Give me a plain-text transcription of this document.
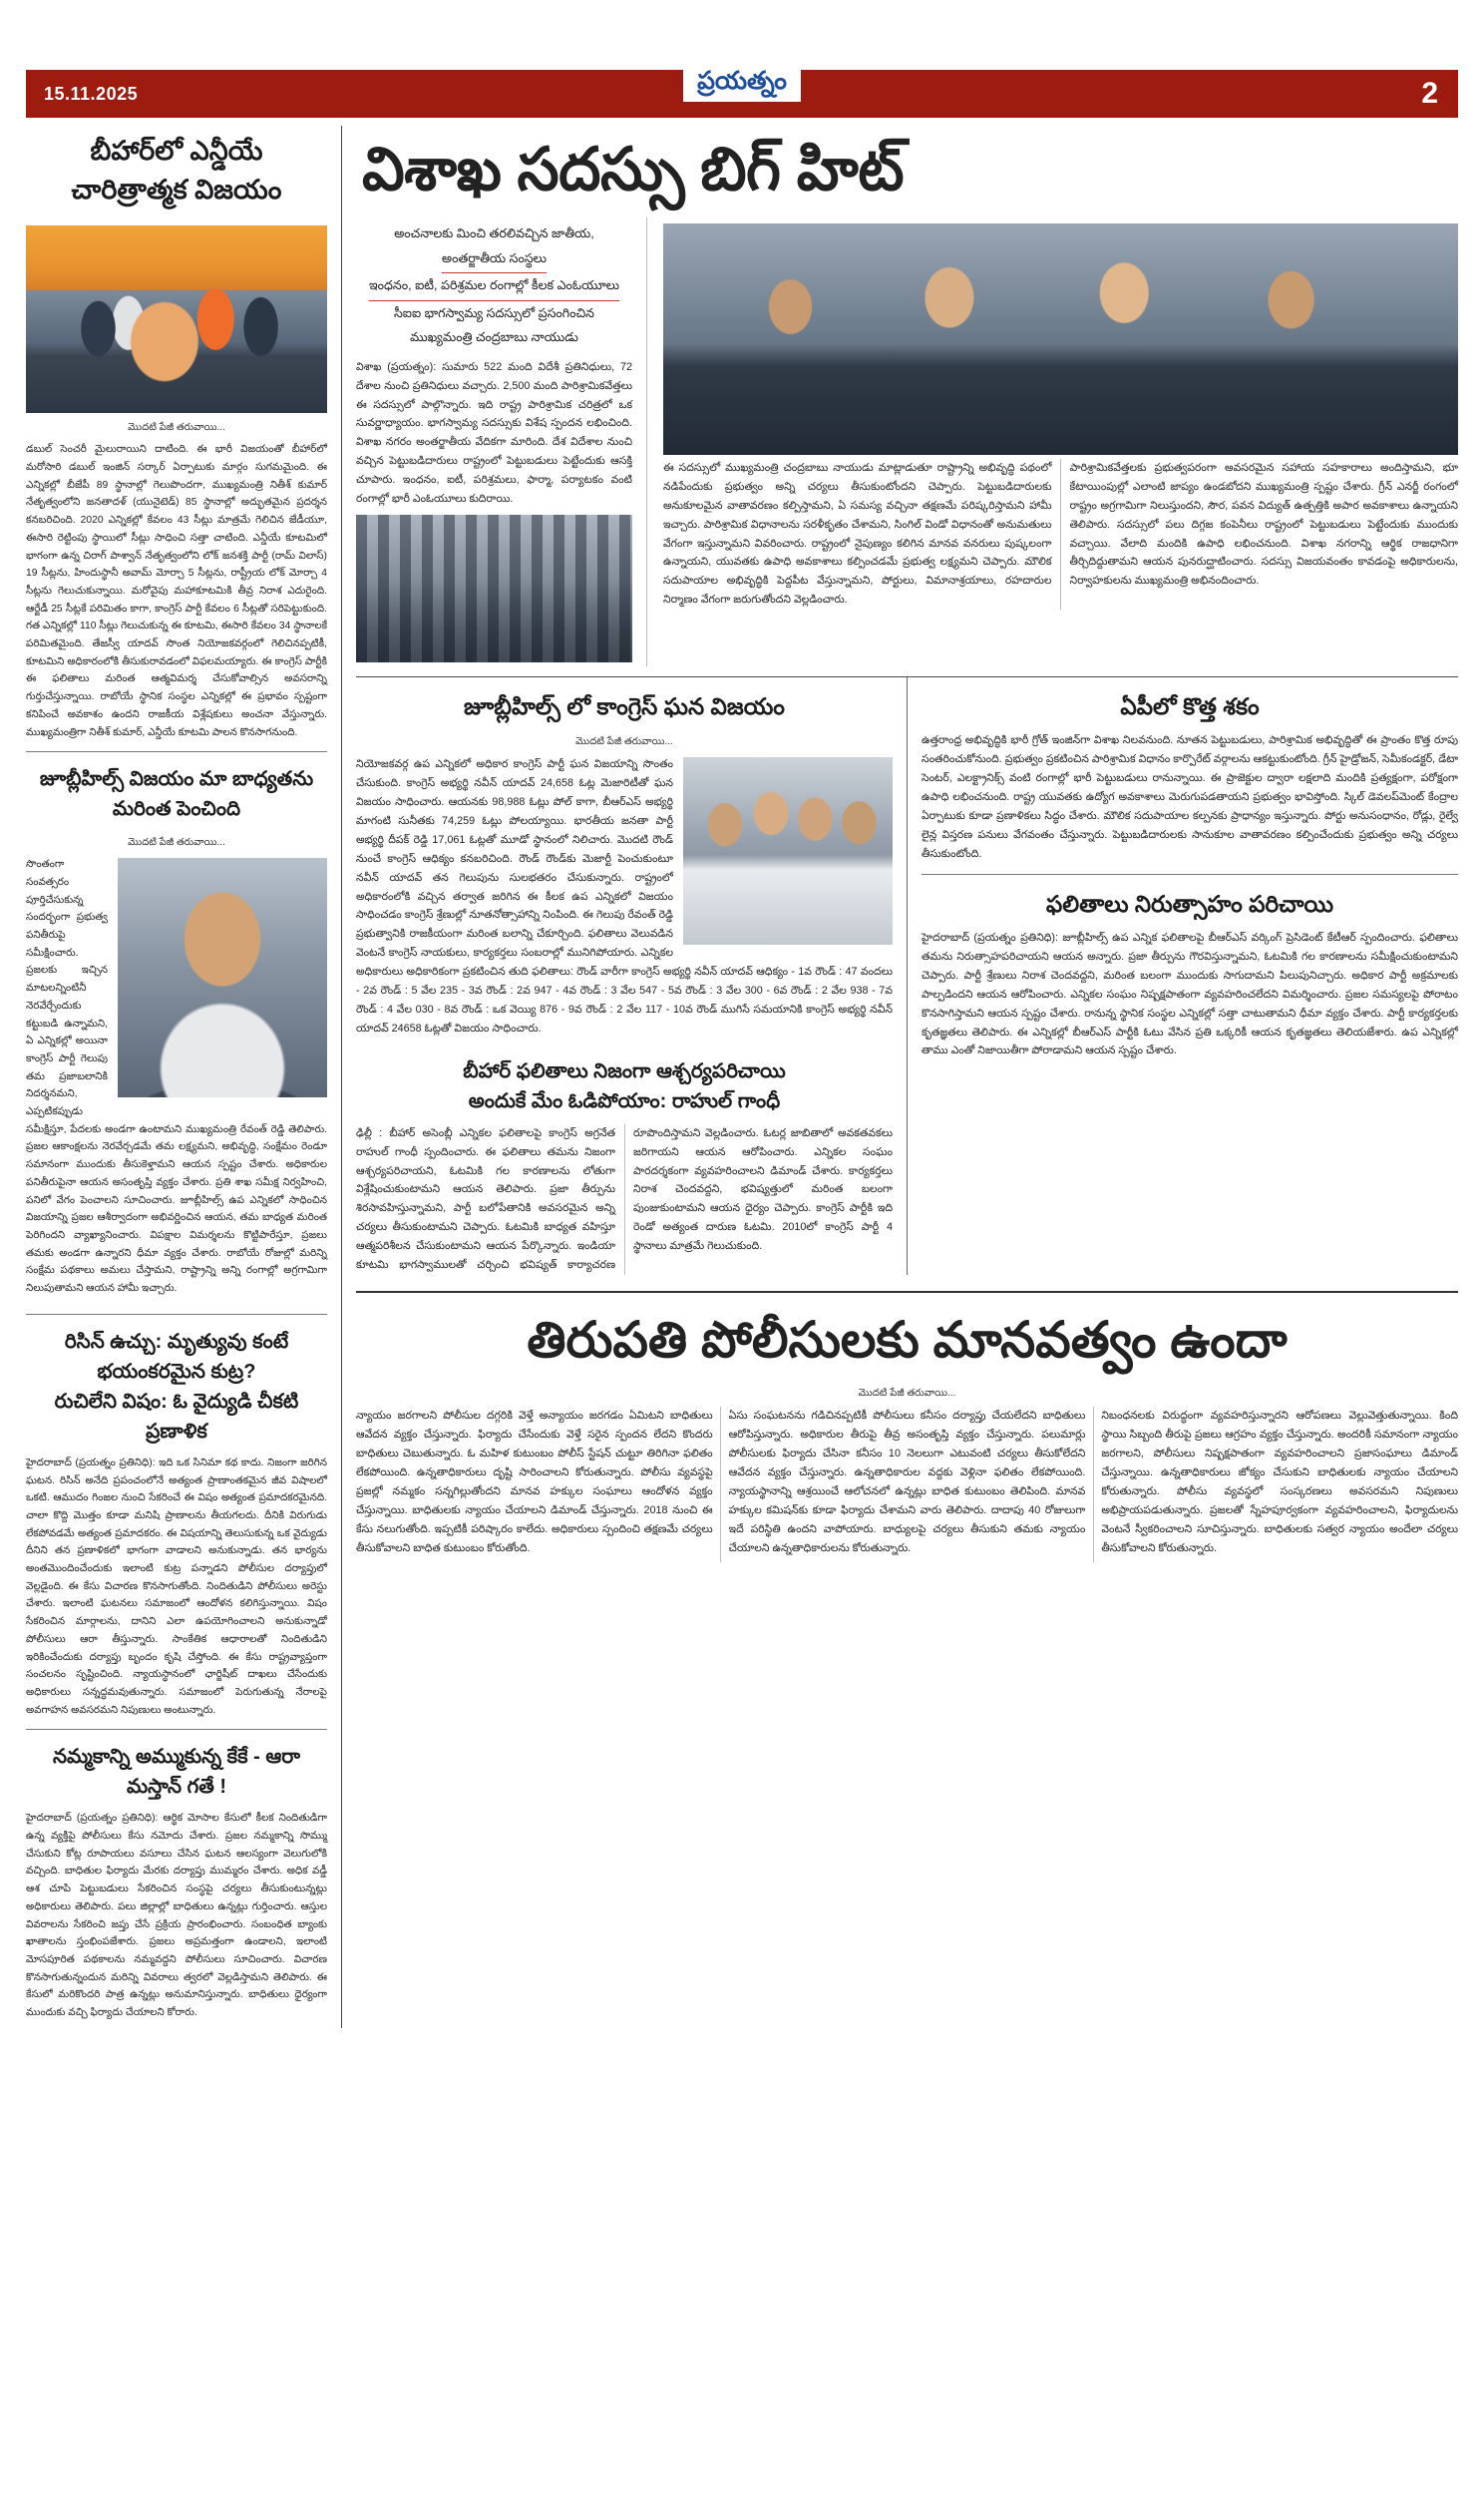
15.11.2025	ప్రయత్నం	2
బీహార్‌లో ఎన్డీయే
చారిత్రాత్మక విజయం
మొదటి పేజీ తరువాయి...
డబుల్ సెంచరీ మైలురాయిని దాటింది. ఈ భారీ విజయంతో బీహార్‌లో మరోసారి డబుల్ ఇంజిన్ సర్కార్ ఏర్పాటుకు మార్గం సుగమమైంది. ఈ ఎన్నికల్లో బీజేపీ 89 స్థానాల్లో గెలుపొందగా, ముఖ్యమంత్రి నితీశ్ కుమార్ నేతృత్వంలోని జనతాదళ్ (యునైటెడ్) 85 స్థానాల్లో అద్భుతమైన ప్రదర్శన కనబరిచింది. 2020 ఎన్నికల్లో కేవలం 43 సీట్లు మాత్రమే గెలిచిన జేడీయూ, ఈసారి రెట్టింపు స్థాయిలో సీట్లు సాధించి సత్తా చాటింది. ఎన్డీయే కూటమిలో భాగంగా ఉన్న చిరాగ్ పాశ్వాన్ నేతృత్వంలోని లోక్ జనశక్తి పార్టీ (రామ్ విలాస్) 19 సీట్లను, హిందుస్థానీ అవామ్ మోర్చా 5 సీట్లను, రాష్ట్రీయ లోక్ మోర్చా 4 సీట్లను గెలుచుకున్నాయి. మరోవైపు మహాకూటమికి తీవ్ర నిరాశ ఎదురైంది. ఆర్జేడీ 25 సీట్లకే పరిమితం కాగా, కాంగ్రెస్ పార్టీ కేవలం 6 సీట్లతో సరిపెట్టుకుంది. గత ఎన్నికల్లో 110 సీట్లు గెలుచుకున్న ఈ కూటమి, ఈసారి కేవలం 34 స్థానాలకే పరిమితమైంది. తేజస్వీ యాదవ్ సొంత నియోజకవర్గంలో గెలిచినప్పటికీ, కూటమిని అధికారంలోకి తీసుకురావడంలో విఫలమయ్యారు. ఈ కాంగ్రెస్ పార్టీకి ఈ ఫలితాలు మరింత ఆత్మవిమర్శ చేసుకోవాల్సిన అవసరాన్ని గుర్తుచేస్తున్నాయి. రాబోయే స్థానిక సంస్థల ఎన్నికల్లో ఈ ప్రభావం స్పష్టంగా కనిపించే అవకాశం ఉందని రాజకీయ విశ్లేషకులు అంచనా వేస్తున్నారు. ముఖ్యమంత్రిగా నితీశ్ కుమార్, ఎన్డీయే కూటమి పాలన కొనసాగనుంది.
జూబ్లీహిల్స్ విజయం మా బాధ్యతను మరింత పెంచింది
మొదటి పేజీ తరువాయి...
సొంతంగా సంవత్సరం పూర్తిచేసుకున్న సందర్భంగా ప్రభుత్వ పనితీరుపై సమీక్షించారు. ప్రజలకు ఇచ్చిన మాటలన్నింటినీ నెరవేర్చేందుకు కట్టుబడి ఉన్నామని, ఏ ఎన్నికల్లో అయినా కాంగ్రెస్ పార్టీ గెలుపు తమ ప్రజాబలానికి నిదర్శనమని, ఎప్పటికప్పుడు సమీక్షిస్తూ, పేదలకు అండగా ఉంటామని ముఖ్యమంత్రి రేవంత్ రెడ్డి తెలిపారు. ప్రజల ఆకాంక్షలను నెరవేర్చడమే తమ లక్ష్యమని, అభివృద్ధి, సంక్షేమం రెండూ సమానంగా ముందుకు తీసుకెళ్తామని ఆయన స్పష్టం చేశారు. అధికారుల పనితీరుపైనా ఆయన అసంతృప్తి వ్యక్తం చేశారు. ప్రతి శాఖ సమీక్ష నిర్వహించి, పనిలో వేగం పెంచాలని సూచించారు. జూబ్లీహిల్స్ ఉప ఎన్నికలో సాధించిన విజయాన్ని ప్రజల ఆశీర్వాదంగా అభివర్ణించిన ఆయన, తమ బాధ్యత మరింత పెరిగిందని వ్యాఖ్యానించారు. విపక్షాల విమర్శలను కొట్టిపారేస్తూ, ప్రజలు తమకు అండగా ఉన్నారని ధీమా వ్యక్తం చేశారు. రాబోయే రోజుల్లో మరిన్ని సంక్షేమ పథకాలు అమలు చేస్తామని, రాష్ట్రాన్ని అన్ని రంగాల్లో అగ్రగామిగా నిలుపుతామని ఆయన హామీ ఇచ్చారు.
రిసిన్ ఉచ్చు: మృత్యువు కంటే భయంకరమైన కుట్ర?
రుచిలేని విషం: ఓ వైద్యుడి చీకటి ప్రణాళిక
హైదరాబాద్ (ప్రయత్నం ప్రతినిధి): ఇది ఒక సినిమా కథ కాదు. నిజంగా జరిగిన ఘటన. రిసిన్ అనేది ప్రపంచంలోనే అత్యంత ప్రాణాంతకమైన జీవ విషాలలో ఒకటి. ఆముదం గింజల నుంచి సేకరించే ఈ విషం అత్యంత ప్రమాదకరమైనది. చాలా కొద్ది మొత్తం కూడా మనిషి ప్రాణాలను తీయగలదు. దీనికి విరుగుడు లేకపోవడమే అత్యంత ప్రమాదకరం. ఈ విషయాన్ని తెలుసుకున్న ఒక వైద్యుడు దీనిని తన ప్రణాళికలో భాగంగా వాడాలని అనుకున్నాడు. తన భార్యను అంతమొందించేందుకు ఇలాంటి కుట్ర పన్నాడని పోలీసుల దర్యాప్తులో వెల్లడైంది. ఈ కేసు విచారణ కొనసాగుతోంది. నిందితుడిని పోలీసులు అరెస్టు చేశారు. ఇలాంటి ఘటనలు సమాజంలో ఆందోళన కలిగిస్తున్నాయి. విషం సేకరించిన మార్గాలను, దానిని ఎలా ఉపయోగించాలని అనుకున్నాడో పోలీసులు ఆరా తీస్తున్నారు. సాంకేతిక ఆధారాలతో నిందితుడిని ఇరికించేందుకు దర్యాప్తు బృందం కృషి చేస్తోంది. ఈ కేసు రాష్ట్రవ్యాప్తంగా సంచలనం సృష్టించింది. న్యాయస్థానంలో ఛార్జిషీట్ దాఖలు చేసేందుకు అధికారులు సన్నద్ధమవుతున్నారు. సమాజంలో పెరుగుతున్న నేరాలపై అవగాహన అవసరమని నిపుణులు అంటున్నారు.
నమ్మకాన్ని అమ్ముకున్న కేకే - ఆరా మస్తాన్ గతే !
హైదరాబాద్ (ప్రయత్నం ప్రతినిధి): ఆర్థిక మోసాల కేసులో కీలక నిందితుడిగా ఉన్న వ్యక్తిపై పోలీసులు కేసు నమోదు చేశారు. ప్రజల నమ్మకాన్ని సొమ్ము చేసుకుని కోట్ల రూపాయలు వసూలు చేసిన ఘటన ఆలస్యంగా వెలుగులోకి వచ్చింది. బాధితుల ఫిర్యాదు మేరకు దర్యాప్తు ముమ్మరం చేశారు. అధిక వడ్డీ ఆశ చూపి పెట్టుబడులు సేకరించిన సంస్థపై చర్యలు తీసుకుంటున్నట్లు అధికారులు తెలిపారు. పలు జిల్లాల్లో బాధితులు ఉన్నట్లు గుర్తించారు. ఆస్తుల వివరాలను సేకరించి జప్తు చేసే ప్రక్రియ ప్రారంభించారు. సంబంధిత బ్యాంకు ఖాతాలను స్తంభింపజేశారు. ప్రజలు అప్రమత్తంగా ఉండాలని, ఇలాంటి మోసపూరిత పథకాలను నమ్మవద్దని పోలీసులు సూచించారు. విచారణ కొనసాగుతున్నందున మరిన్ని వివరాలు త్వరలో వెల్లడిస్తామని తెలిపారు. ఈ కేసులో మరికొందరి పాత్ర ఉన్నట్లు అనుమానిస్తున్నారు. బాధితులు ధైర్యంగా ముందుకు వచ్చి ఫిర్యాదు చేయాలని కోరారు.
విశాఖ సదస్సు బిగ్ హిట్
అంచనాలకు మించి తరలివచ్చిన జాతీయ,
అంతర్జాతీయ సంస్థలు ఇంధనం, ఐటీ, పరిశ్రమల రంగాల్లో కీలక ఎంఓయూలు
సీఐఐ భాగస్వామ్య సదస్సులో ప్రసంగించిన
ముఖ్యమంత్రి చంద్రబాబు నాయుడు
విశాఖ (ప్రయత్నం): సుమారు 522 మంది విదేశీ ప్రతినిధులు, 72 దేశాల నుంచి ప్రతినిధులు వచ్చారు. 2,500 మంది పారిశ్రామికవేత్తలు ఈ సదస్సులో పాల్గొన్నారు. ఇది రాష్ట్ర పారిశ్రామిక చరిత్రలో ఒక సువర్ణాధ్యాయం. భాగస్వామ్య సదస్సుకు విశేష స్పందన లభించింది. విశాఖ నగరం అంతర్జాతీయ వేదికగా మారింది. దేశ విదేశాల నుంచి వచ్చిన పెట్టుబడిదారులు రాష్ట్రంలో పెట్టుబడులు పెట్టేందుకు ఆసక్తి చూపారు. ఇంధనం, ఐటీ, పరిశ్రమలు, ఫార్మా, పర్యాటకం వంటి రంగాల్లో భారీ ఎంఓయూలు కుదిరాయి.
ఈ సదస్సులో ముఖ్యమంత్రి చంద్రబాబు నాయుడు మాట్లాడుతూ రాష్ట్రాన్ని అభివృద్ధి పథంలో నడిపేందుకు ప్రభుత్వం అన్ని చర్యలు తీసుకుంటోందని చెప్పారు. పెట్టుబడిదారులకు అనుకూలమైన వాతావరణం కల్పిస్తామని, ఏ సమస్య వచ్చినా తక్షణమే పరిష్కరిస్తామని హామీ ఇచ్చారు. పారిశ్రామిక విధానాలను సరళీకృతం చేశామని, సింగిల్ విండో విధానంతో అనుమతులు వేగంగా ఇస్తున్నామని వివరించారు. రాష్ట్రంలో నైపుణ్యం కలిగిన మానవ వనరులు పుష్కలంగా ఉన్నాయని, యువతకు ఉపాధి అవకాశాలు కల్పించడమే ప్రభుత్వ లక్ష్యమని చెప్పారు. మౌలిక సదుపాయాల అభివృద్ధికి పెద్దపీట వేస్తున్నామని, పోర్టులు, విమానాశ్రయాలు, రహదారుల నిర్మాణం వేగంగా జరుగుతోందని వెల్లడించారు.
పారిశ్రామికవేత్తలకు ప్రభుత్వపరంగా అవసరమైన సహాయ సహకారాలు అందిస్తామని, భూ కేటాయింపుల్లో ఎలాంటి జాప్యం ఉండబోదని ముఖ్యమంత్రి స్పష్టం చేశారు. గ్రీన్ ఎనర్జీ రంగంలో రాష్ట్రం అగ్రగామిగా నిలుస్తుందని, సౌర, పవన విద్యుత్ ఉత్పత్తికి అపార అవకాశాలు ఉన్నాయని తెలిపారు. సదస్సులో పలు దిగ్గజ కంపెనీలు రాష్ట్రంలో పెట్టుబడులు పెట్టేందుకు ముందుకు వచ్చాయి. వేలాది మందికి ఉపాధి లభించనుంది. విశాఖ నగరాన్ని ఆర్థిక రాజధానిగా తీర్చిదిద్దుతామని ఆయన పునరుద్ఘాటించారు. సదస్సు విజయవంతం కావడంపై అధికారులను, నిర్వాహకులను ముఖ్యమంత్రి అభినందించారు.
జూబ్లీహిల్స్ లో కాంగ్రెస్ ఘన విజయం
మొదటి పేజీ తరువాయి...
నియోజకవర్గ ఉప ఎన్నికలో అధికార కాంగ్రెస్ పార్టీ ఘన విజయాన్ని సొంతం చేసుకుంది. కాంగ్రెస్ అభ్యర్థి నవీన్ యాదవ్ 24,658 ఓట్ల మెజారిటీతో ఘన విజయం సాధించారు. ఆయనకు 98,988 ఓట్లు పోల్ కాగా, బీఆర్ఎస్ అభ్యర్థి మాగంటి సునీతకు 74,259 ఓట్లు పోలయ్యాయి. భారతీయ జనతా పార్టీ అభ్యర్థి దీపక్ రెడ్డి 17,061 ఓట్లతో మూడో స్థానంలో నిలిచారు. మొదటి రౌండ్ నుంచే కాంగ్రెస్ ఆధిక్యం కనబరిచింది. రౌండ్ రౌండ్‌కు మెజార్టీ పెంచుకుంటూ నవీన్ యాదవ్ తన గెలుపును సులభతరం చేసుకున్నారు. రాష్ట్రంలో అధికారంలోకి వచ్చిన తర్వాత జరిగిన ఈ కీలక ఉప ఎన్నికలో విజయం సాధించడం కాంగ్రెస్ శ్రేణుల్లో నూతనోత్సాహాన్ని నింపింది. ఈ గెలుపు రేవంత్ రెడ్డి ప్రభుత్వానికి రాజకీయంగా మరింత బలాన్ని చేకూర్చింది. ఫలితాలు వెలువడిన వెంటనే కాంగ్రెస్ నాయకులు, కార్యకర్తలు సంబరాల్లో మునిగిపోయారు. ఎన్నికల అధికారులు అధికారికంగా ప్రకటించిన తుది ఫలితాలు: రౌండ్ వారీగా కాంగ్రెస్ అభ్యర్థి నవీన్ యాదవ్ ఆధిక్యం - 1వ రౌండ్ : 47 వందలు - 2వ రౌండ్ : 5 వేల 235 - 3వ రౌండ్ : 2వ 947 - 4వ రౌండ్ : 3 వేల 547 - 5వ రౌండ్ : 3 వేల 300 - 6వ రౌండ్ : 2 వేల 938 - 7వ రౌండ్ : 4 వేల 030 - 8వ రౌండ్ : ఒక వెయ్యి 876 - 9వ రౌండ్ : 2 వేల 117 - 10వ రౌండ్ ముగిసే సమయానికి కాంగ్రెస్ అభ్యర్థి నవీన్ యాదవ్ 24658 ఓట్లతో విజయం సాధించారు.
బీహార్ ఫలితాలు నిజంగా ఆశ్చర్యపరిచాయి
అందుకే మేం ఓడిపోయాం: రాహుల్ గాంధీ
ఢిల్లీ : బీహార్ అసెంబ్లీ ఎన్నికల ఫలితాలపై కాంగ్రెస్ అగ్రనేత రాహుల్ గాంధీ స్పందించారు. ఈ ఫలితాలు తమను నిజంగా ఆశ్చర్యపరిచాయని, ఓటమికి గల కారణాలను లోతుగా విశ్లేషించుకుంటామని ఆయన తెలిపారు. ప్రజా తీర్పును శిరసావహిస్తున్నామని, పార్టీ బలోపేతానికి అవసరమైన అన్ని చర్యలు తీసుకుంటామని చెప్పారు. ఓటమికి బాధ్యత వహిస్తూ ఆత్మపరిశీలన చేసుకుంటామని ఆయన పేర్కొన్నారు. ఇండియా కూటమి భాగస్వాములతో చర్చించి భవిష్యత్ కార్యాచరణ రూపొందిస్తామని వెల్లడించారు. ఓటర్ల జాబితాలో అవకతవకలు జరిగాయని ఆయన ఆరోపించారు. ఎన్నికల సంఘం పారదర్శకంగా వ్యవహరించాలని డిమాండ్ చేశారు. కార్యకర్తలు నిరాశ చెందవద్దని, భవిష్యత్తులో మరింత బలంగా పుంజుకుంటామని ఆయన ధైర్యం చెప్పారు. కాంగ్రెస్ పార్టీకి ఇది రెండో అత్యంత దారుణ ఓటమి. 2010లో కాంగ్రెస్ పార్టీ 4 స్థానాలు మాత్రమే గెలుచుకుంది.
ఏపీలో కొత్త శకం
ఉత్తరాంధ్ర అభివృద్ధికి భారీ గ్రోత్ ఇంజిన్‌గా విశాఖ నిలవనుంది. నూతన పెట్టుబడులు, పారిశ్రామిక అభివృద్ధితో ఈ ప్రాంతం కొత్త రూపు సంతరించుకోనుంది. ప్రభుత్వం ప్రకటించిన పారిశ్రామిక విధానం కార్పొరేట్ వర్గాలను ఆకట్టుకుంటోంది. గ్రీన్ హైడ్రోజన్, సెమీకండక్టర్, డేటా సెంటర్, ఎలక్ట్రానిక్స్ వంటి రంగాల్లో భారీ పెట్టుబడులు రానున్నాయి. ఈ ప్రాజెక్టుల ద్వారా లక్షలాది మందికి ప్రత్యక్షంగా, పరోక్షంగా ఉపాధి లభించనుంది. రాష్ట్ర యువతకు ఉద్యోగ అవకాశాలు మెరుగుపడతాయని ప్రభుత్వం భావిస్తోంది. స్కిల్ డెవలప్‌మెంట్ కేంద్రాల ఏర్పాటుకు కూడా ప్రణాళికలు సిద్ధం చేశారు. మౌలిక సదుపాయాల కల్పనకు ప్రాధాన్యం ఇస్తున్నారు. పోర్టు అనుసంధానం, రోడ్లు, రైల్వే లైన్ల విస్తరణ పనులు వేగవంతం చేస్తున్నారు. పెట్టుబడిదారులకు సానుకూల వాతావరణం కల్పించేందుకు ప్రభుత్వం అన్ని చర్యలు తీసుకుంటోంది.
ఫలితాలు నిరుత్సాహం పరిచాయి
హైదరాబాద్ (ప్రయత్నం ప్రతినిధి): జూబ్లీహిల్స్ ఉప ఎన్నిక ఫలితాలపై బీఆర్ఎస్ వర్కింగ్ ప్రెసిడెంట్ కేటీఆర్ స్పందించారు. ఫలితాలు తమను నిరుత్సాహపరిచాయని ఆయన అన్నారు. ప్రజా తీర్పును గౌరవిస్తున్నామని, ఓటమికి గల కారణాలను సమీక్షించుకుంటామని చెప్పారు. పార్టీ శ్రేణులు నిరాశ చెందవద్దని, మరింత బలంగా ముందుకు సాగుదామని పిలుపునిచ్చారు. అధికార పార్టీ అక్రమాలకు పాల్పడిందని ఆయన ఆరోపించారు. ఎన్నికల సంఘం నిష్పక్షపాతంగా వ్యవహరించలేదని విమర్శించారు. ప్రజల సమస్యలపై పోరాటం కొనసాగిస్తామని ఆయన స్పష్టం చేశారు. రానున్న స్థానిక సంస్థల ఎన్నికల్లో సత్తా చాటుతామని ధీమా వ్యక్తం చేశారు. పార్టీ కార్యకర్తలకు కృతజ్ఞతలు తెలిపారు. ఈ ఎన్నికల్లో బీఆర్ఎస్ పార్టీకి ఓటు వేసిన ప్రతి ఒక్కరికీ ఆయన కృతజ్ఞతలు తెలియజేశారు. ఉప ఎన్నికల్లో తాము ఎంతో నిజాయితీగా పోరాడామని ఆయన స్పష్టం చేశారు.
తిరుపతి పోలీసులకు మానవత్వం ఉందా
మొదటి పేజీ తరువాయి...
న్యాయం జరగాలని పోలీసుల దగ్గరికి వెళ్తే అన్యాయం జరగడం ఏమిటని బాధితులు ఆవేదన వ్యక్తం చేస్తున్నారు. ఫిర్యాదు చేసేందుకు వెళ్తే సరైన స్పందన లేదని కొందరు బాధితులు చెబుతున్నారు. ఓ మహిళ కుటుంబం పోలీస్ స్టేషన్ చుట్టూ తిరిగినా ఫలితం లేకపోయింది. ఉన్నతాధికారులు దృష్టి సారించాలని కోరుతున్నారు. పోలీసు వ్యవస్థపై ప్రజల్లో నమ్మకం సన్నగిల్లుతోందని మానవ హక్కుల సంఘాలు ఆందోళన వ్యక్తం చేస్తున్నాయి. బాధితులకు న్యాయం చేయాలని డిమాండ్ చేస్తున్నారు. 2018 నుంచి ఈ కేసు నలుగుతోంది. ఇప్పటికీ పరిష్కారం కాలేదు. అధికారులు స్పందించి తక్షణమే చర్యలు తీసుకోవాలని బాధిత కుటుంబం కోరుతోంది.
ఏసు సంఘటనను గడిచినప్పటికీ పోలీసులు కనీసం దర్యాప్తు చేయలేదని బాధితులు ఆరోపిస్తున్నారు. అధికారుల తీరుపై తీవ్ర అసంతృప్తి వ్యక్తం చేస్తున్నారు. పలుమార్లు పోలీసులకు ఫిర్యాదు చేసినా కనీసం 10 నెలలుగా ఎటువంటి చర్యలు తీసుకోలేదని ఆవేదన వ్యక్తం చేస్తున్నారు. ఉన్నతాధికారుల వద్దకు వెళ్లినా ఫలితం లేకపోయింది. న్యాయస్థానాన్ని ఆశ్రయించే ఆలోచనలో ఉన్నట్లు బాధిత కుటుంబం తెలిపింది. మానవ హక్కుల కమిషన్‌కు కూడా ఫిర్యాదు చేశామని వారు తెలిపారు. దాదాపు 40 రోజులుగా ఇదే పరిస్థితి ఉందని వాపోయారు. బాధ్యులపై చర్యలు తీసుకుని తమకు న్యాయం చేయాలని ఉన్నతాధికారులను కోరుతున్నారు.
నిబంధనలకు విరుద్ధంగా వ్యవహరిస్తున్నారని ఆరోపణలు వెల్లువెత్తుతున్నాయి. కింది స్థాయి సిబ్బంది తీరుపై ప్రజలు ఆగ్రహం వ్యక్తం చేస్తున్నారు. అందరికీ సమానంగా న్యాయం జరగాలని, పోలీసులు నిష్పక్షపాతంగా వ్యవహరించాలని ప్రజాసంఘాలు డిమాండ్ చేస్తున్నాయి. ఉన్నతాధికారులు జోక్యం చేసుకుని బాధితులకు న్యాయం చేయాలని కోరుతున్నారు. పోలీసు వ్యవస్థలో సంస్కరణలు అవసరమని నిపుణులు అభిప్రాయపడుతున్నారు. ప్రజలతో స్నేహపూర్వకంగా వ్యవహరించాలని, ఫిర్యాదులను వెంటనే స్వీకరించాలని సూచిస్తున్నారు. బాధితులకు సత్వర న్యాయం అందేలా చర్యలు తీసుకోవాలని కోరుతున్నారు.
